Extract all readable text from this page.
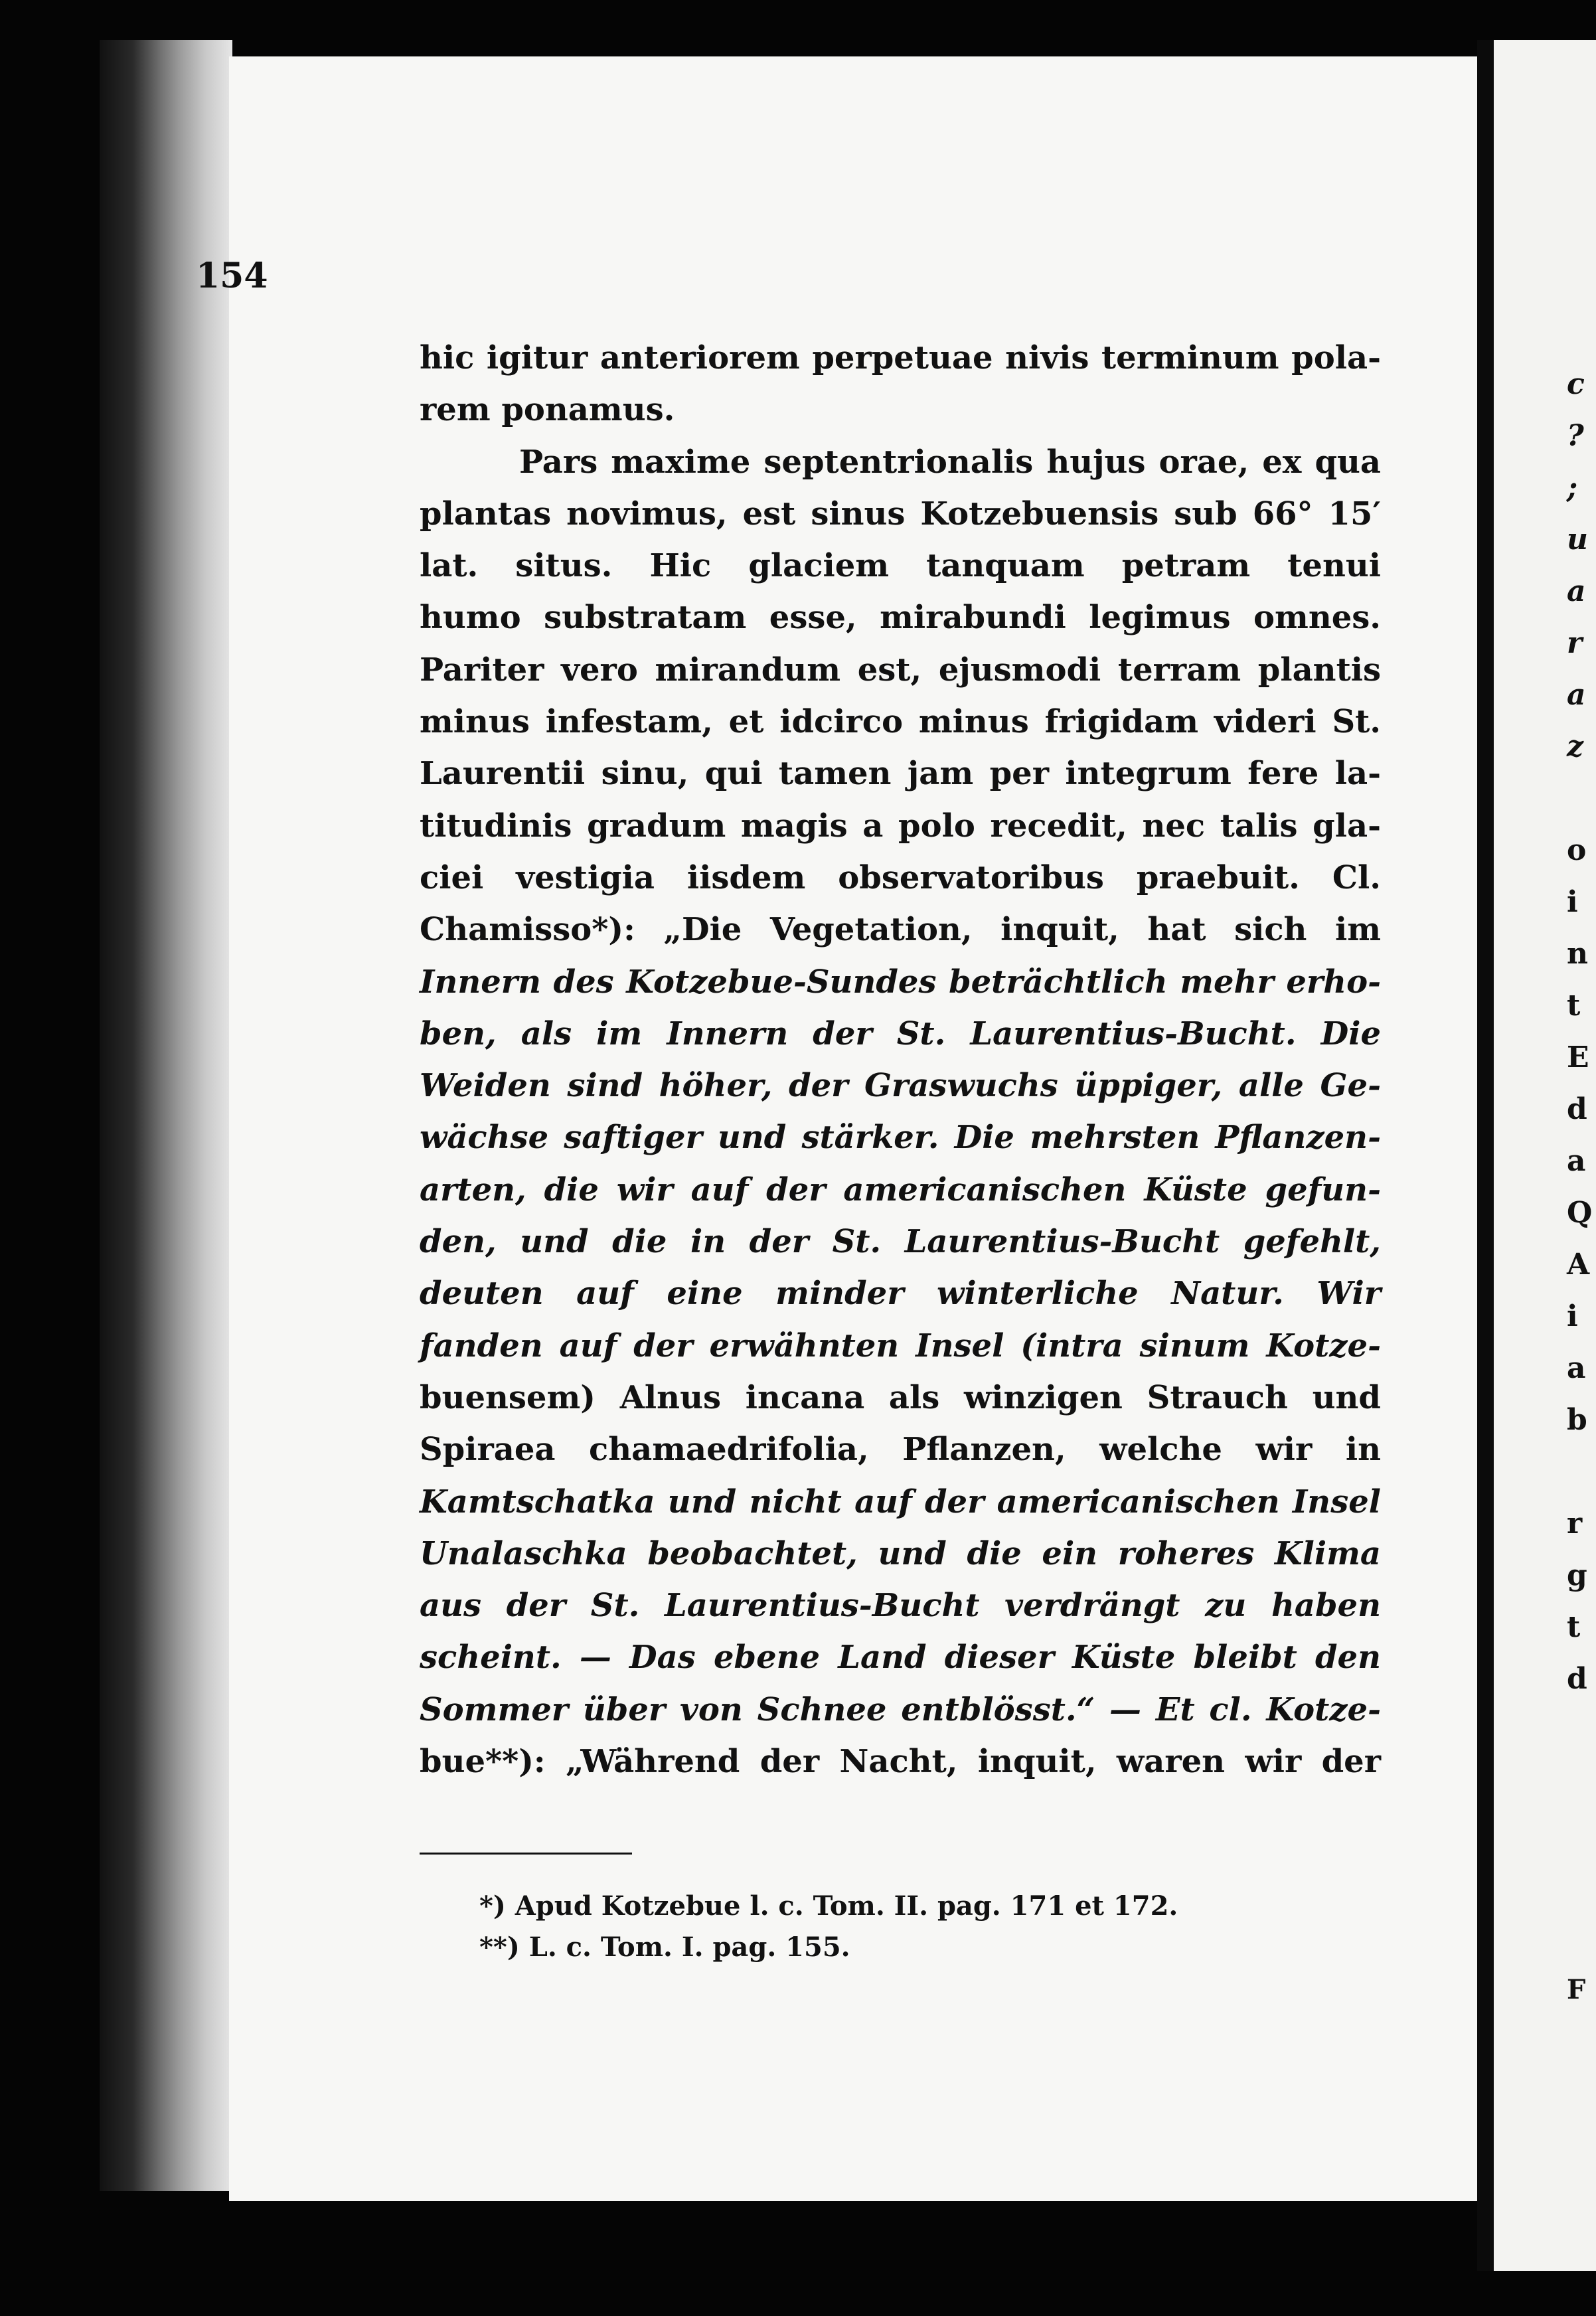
154
hic igitur anteriorem perpetuae nivis terminum pola-
rem ponamus.
Pars maxime septentrionalis hujus orae, ex qua
plantas novimus, est sinus Kotzebuensis sub 66° 15′
lat. situs. Hic glaciem tanquam petram tenui
humo substratam esse, mirabundi legimus omnes.
Pariter vero mirandum est, ejusmodi terram plantis
minus infestam, et idcirco minus frigidam videri St.
Laurentii sinu, qui tamen jam per integrum fere la-
titudinis gradum magis a polo recedit, nec talis gla-
ciei vestigia iisdem observatoribus praebuit. Cl.
Chamisso*): „Die Vegetation, inquit, hat sich im
Innern des Kotzebue-Sundes beträchtlich mehr erho-
ben, als im Innern der St. Laurentius-Bucht. Die
Weiden sind höher, der Graswuchs üppiger, alle Ge-
wächse saftiger und stärker. Die mehrsten Pflanzen-
arten, die wir auf der americanischen Küste gefun-
den, und die in der St. Laurentius-Bucht gefehlt,
deuten auf eine minder winterliche Natur. Wir
fanden auf der erwähnten Insel (intra sinum Kotze-
buensem) Alnus incana als winzigen Strauch und
Spiraea chamaedrifolia, Pflanzen, welche wir in
Kamtschatka und nicht auf der americanischen Insel
Unalaschka beobachtet, und die ein roheres Klima
aus der St. Laurentius-Bucht verdrängt zu haben
scheint. — Das ebene Land dieser Küste bleibt den
Sommer über von Schnee entblösst.“ — Et cl. Kotze-
bue**): „Während der Nacht, inquit, waren wir der
*) Apud Kotzebue l. c. Tom. II. pag. 171 et 172.
**) L. c. Tom. I. pag. 155.
c
?
;
u
a
r
a
z
o
i
n
t
E
d
a
Q
A
i
a
b
r
g
t
d
F
